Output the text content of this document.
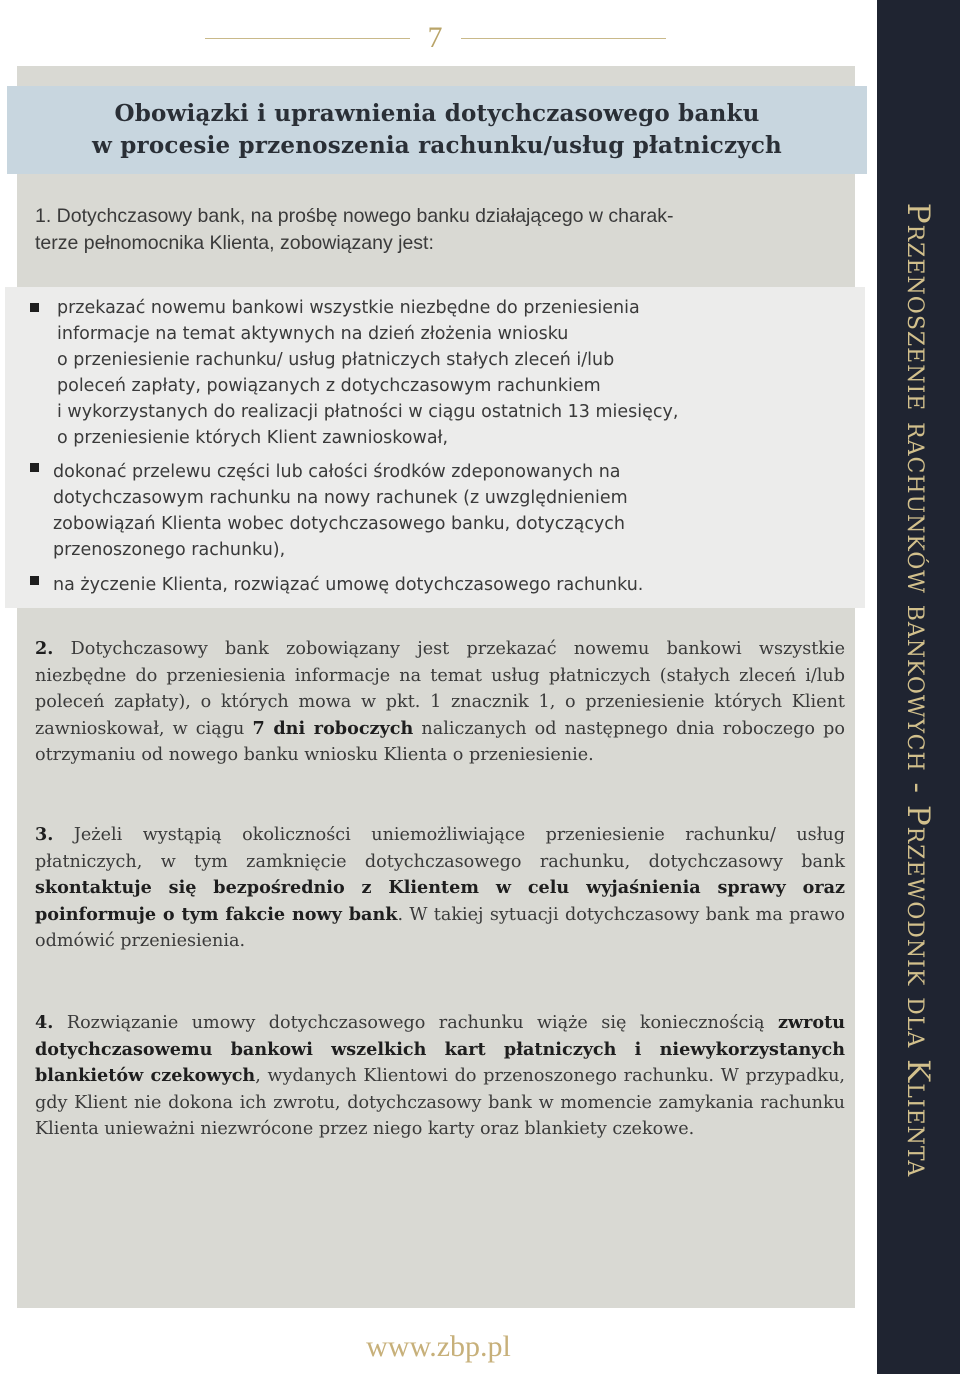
7
Obowiązki i uprawnienia dotychczasowego banku
w procesie przenoszenia rachunku/usług płatniczych
1. Dotychczasowy bank, na prośbę nowego banku działającego w charak-
terze pełnomocnika Klienta, zobowiązany jest:
przekazać nowemu bankowi wszystkie niezbędne do przeniesienia
informacje na temat aktywnych na dzień złożenia wniosku
o przeniesienie rachunku/ usług płatniczych stałych zleceń i/lub
poleceń zapłaty, powiązanych z dotychczasowym rachunkiem
i wykorzystanych do realizacji płatności w ciągu ostatnich 13 miesięcy,
o przeniesienie których Klient zawnioskował,
dokonać przelewu części lub całości środków zdeponowanych na
dotychczasowym rachunku na nowy rachunek (z uwzględnieniem
zobowiązań Klienta wobec dotychczasowego banku, dotyczących
przenoszonego rachunku),
na życzenie Klienta, rozwiązać umowę dotychczasowego rachunku.
2. Dotychczasowy bank zobowiązany jest przekazać nowemu bankowi wszystkie niezbędne do przeniesienia informacje na temat usług płatniczych (stałych zleceń i/lub poleceń zapłaty), o których mowa w pkt. 1 znacznik 1, o przeniesienie których Klient zawnioskował, w ciągu 7 dni roboczych naliczanych od następnego dnia roboczego po otrzymaniu od nowego banku wniosku Klienta o przeniesienie.
3. Jeżeli wystąpią okoliczności uniemożliwiające przeniesienie rachunku/ usług płatniczych, w tym zamknięcie dotychczasowego rachunku, dotychczasowy bank skontaktuje się bezpośrednio z Klientem w celu wyjaśnienia sprawy oraz poinformuje o tym fakcie nowy bank. W takiej sytuacji dotychczasowy bank ma prawo odmówić przeniesienia.
4. Rozwiązanie umowy dotychczasowego rachunku wiąże się koniecznością zwrotu dotychczasowemu bankowi wszelkich kart płatniczych i niewykorzystanych blankietów czekowych, wydanych Klientowi do przenoszonego rachunku. W przypadku, gdy Klient nie dokona ich zwrotu, dotychczasowy bank w momencie zamykania rachunku Klienta unieważni niezwrócone przez niego karty oraz blankiety czekowe.	Przenoszenie rachunków bankowych - Przewodnik dla Klienta
www.zbp.pl
